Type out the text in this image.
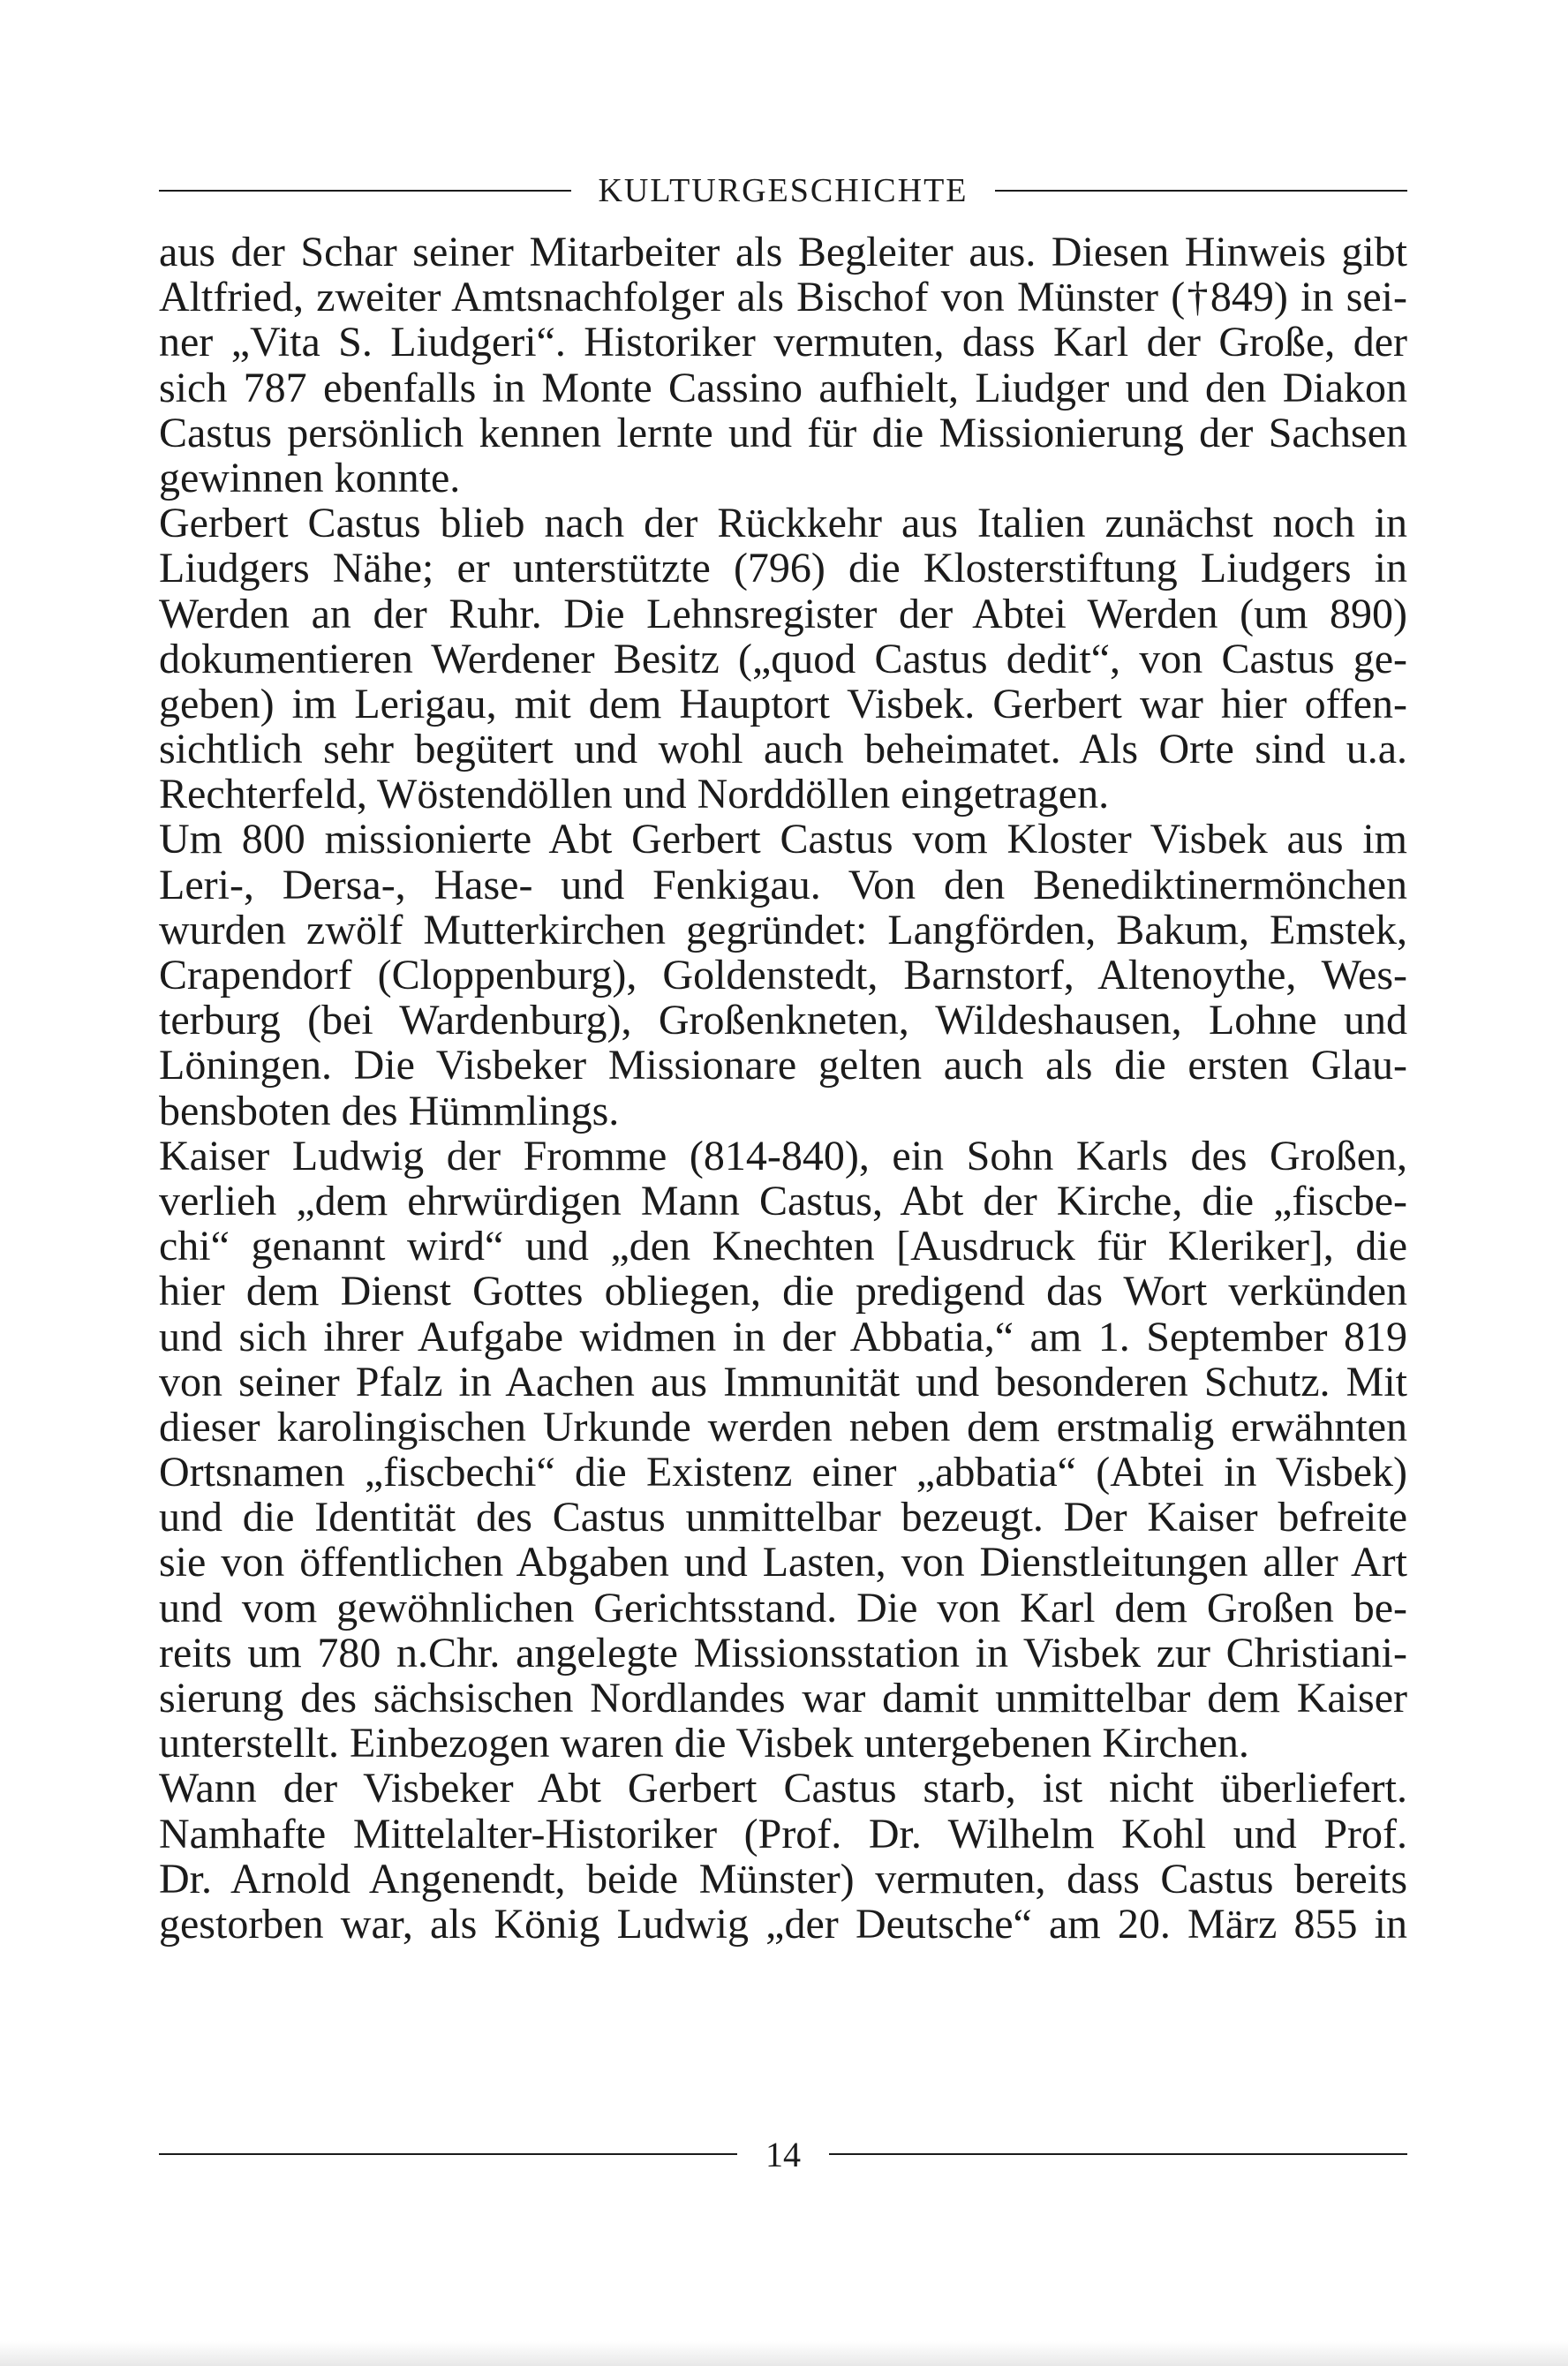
KULTURGESCHICHTE
aus der Schar seiner Mitarbeiter als Begleiter aus. Diesen Hinweis gibt
Altfried, zweiter Amtsnachfolger als Bischof von Münster (†849) in sei-
ner „Vita S. Liudgeri“. Historiker vermuten, dass Karl der Große, der
sich 787 ebenfalls in Monte Cassino aufhielt, Liudger und den Diakon
Castus persönlich kennen lernte und für die Missionierung der Sachsen
gewinnen konnte.
Gerbert Castus blieb nach der Rückkehr aus Italien zunächst noch in
Liudgers Nähe; er unterstützte (796) die Klosterstiftung Liudgers in
Werden an der Ruhr. Die Lehnsregister der Abtei Werden (um 890)
dokumentieren Werdener Besitz („quod Castus dedit“, von Castus ge-
geben) im Lerigau, mit dem Hauptort Visbek. Gerbert war hier offen-
sichtlich sehr begütert und wohl auch beheimatet. Als Orte sind u.a.
Rechterfeld, Wöstendöllen und Norddöllen eingetragen.
Um 800 missionierte Abt Gerbert Castus vom Kloster Visbek aus im
Leri-, Dersa-, Hase- und Fenkigau. Von den Benediktinermönchen
wurden zwölf Mutterkirchen gegründet: Langförden, Bakum, Emstek,
Crapendorf (Cloppenburg), Goldenstedt, Barnstorf, Altenoythe, Wes-
terburg (bei Wardenburg), Großenkneten, Wildeshausen, Lohne und
Löningen. Die Visbeker Missionare gelten auch als die ersten Glau-
bensboten des Hümmlings.
Kaiser Ludwig der Fromme (814-840), ein Sohn Karls des Großen,
verlieh „dem ehrwürdigen Mann Castus, Abt der Kirche, die „fiscbe-
chi“ genannt wird“ und „den Knechten [Ausdruck für Kleriker], die
hier dem Dienst Gottes obliegen, die predigend das Wort verkünden
und sich ihrer Aufgabe widmen in der Abbatia,“ am 1. September 819
von seiner Pfalz in Aachen aus Immunität und besonderen Schutz. Mit
dieser karolingischen Urkunde werden neben dem erstmalig erwähnten
Ortsnamen „fiscbechi“ die Existenz einer „abbatia“ (Abtei in Visbek)
und die Identität des Castus unmittelbar bezeugt. Der Kaiser befreite
sie von öffentlichen Abgaben und Lasten, von Dienstleitungen aller Art
und vom gewöhnlichen Gerichtsstand. Die von Karl dem Großen be-
reits um 780 n.Chr. angelegte Missionsstation in Visbek zur Christiani-
sierung des sächsischen Nordlandes war damit unmittelbar dem Kaiser
unterstellt. Einbezogen waren die Visbek untergebenen Kirchen.
Wann der Visbeker Abt Gerbert Castus starb, ist nicht überliefert.
Namhafte Mittelalter-Historiker (Prof. Dr. Wilhelm Kohl und Prof.
Dr. Arnold Angenendt, beide Münster) vermuten, dass Castus bereits
gestorben war, als König Ludwig „der Deutsche“ am 20. März 855 in
14
